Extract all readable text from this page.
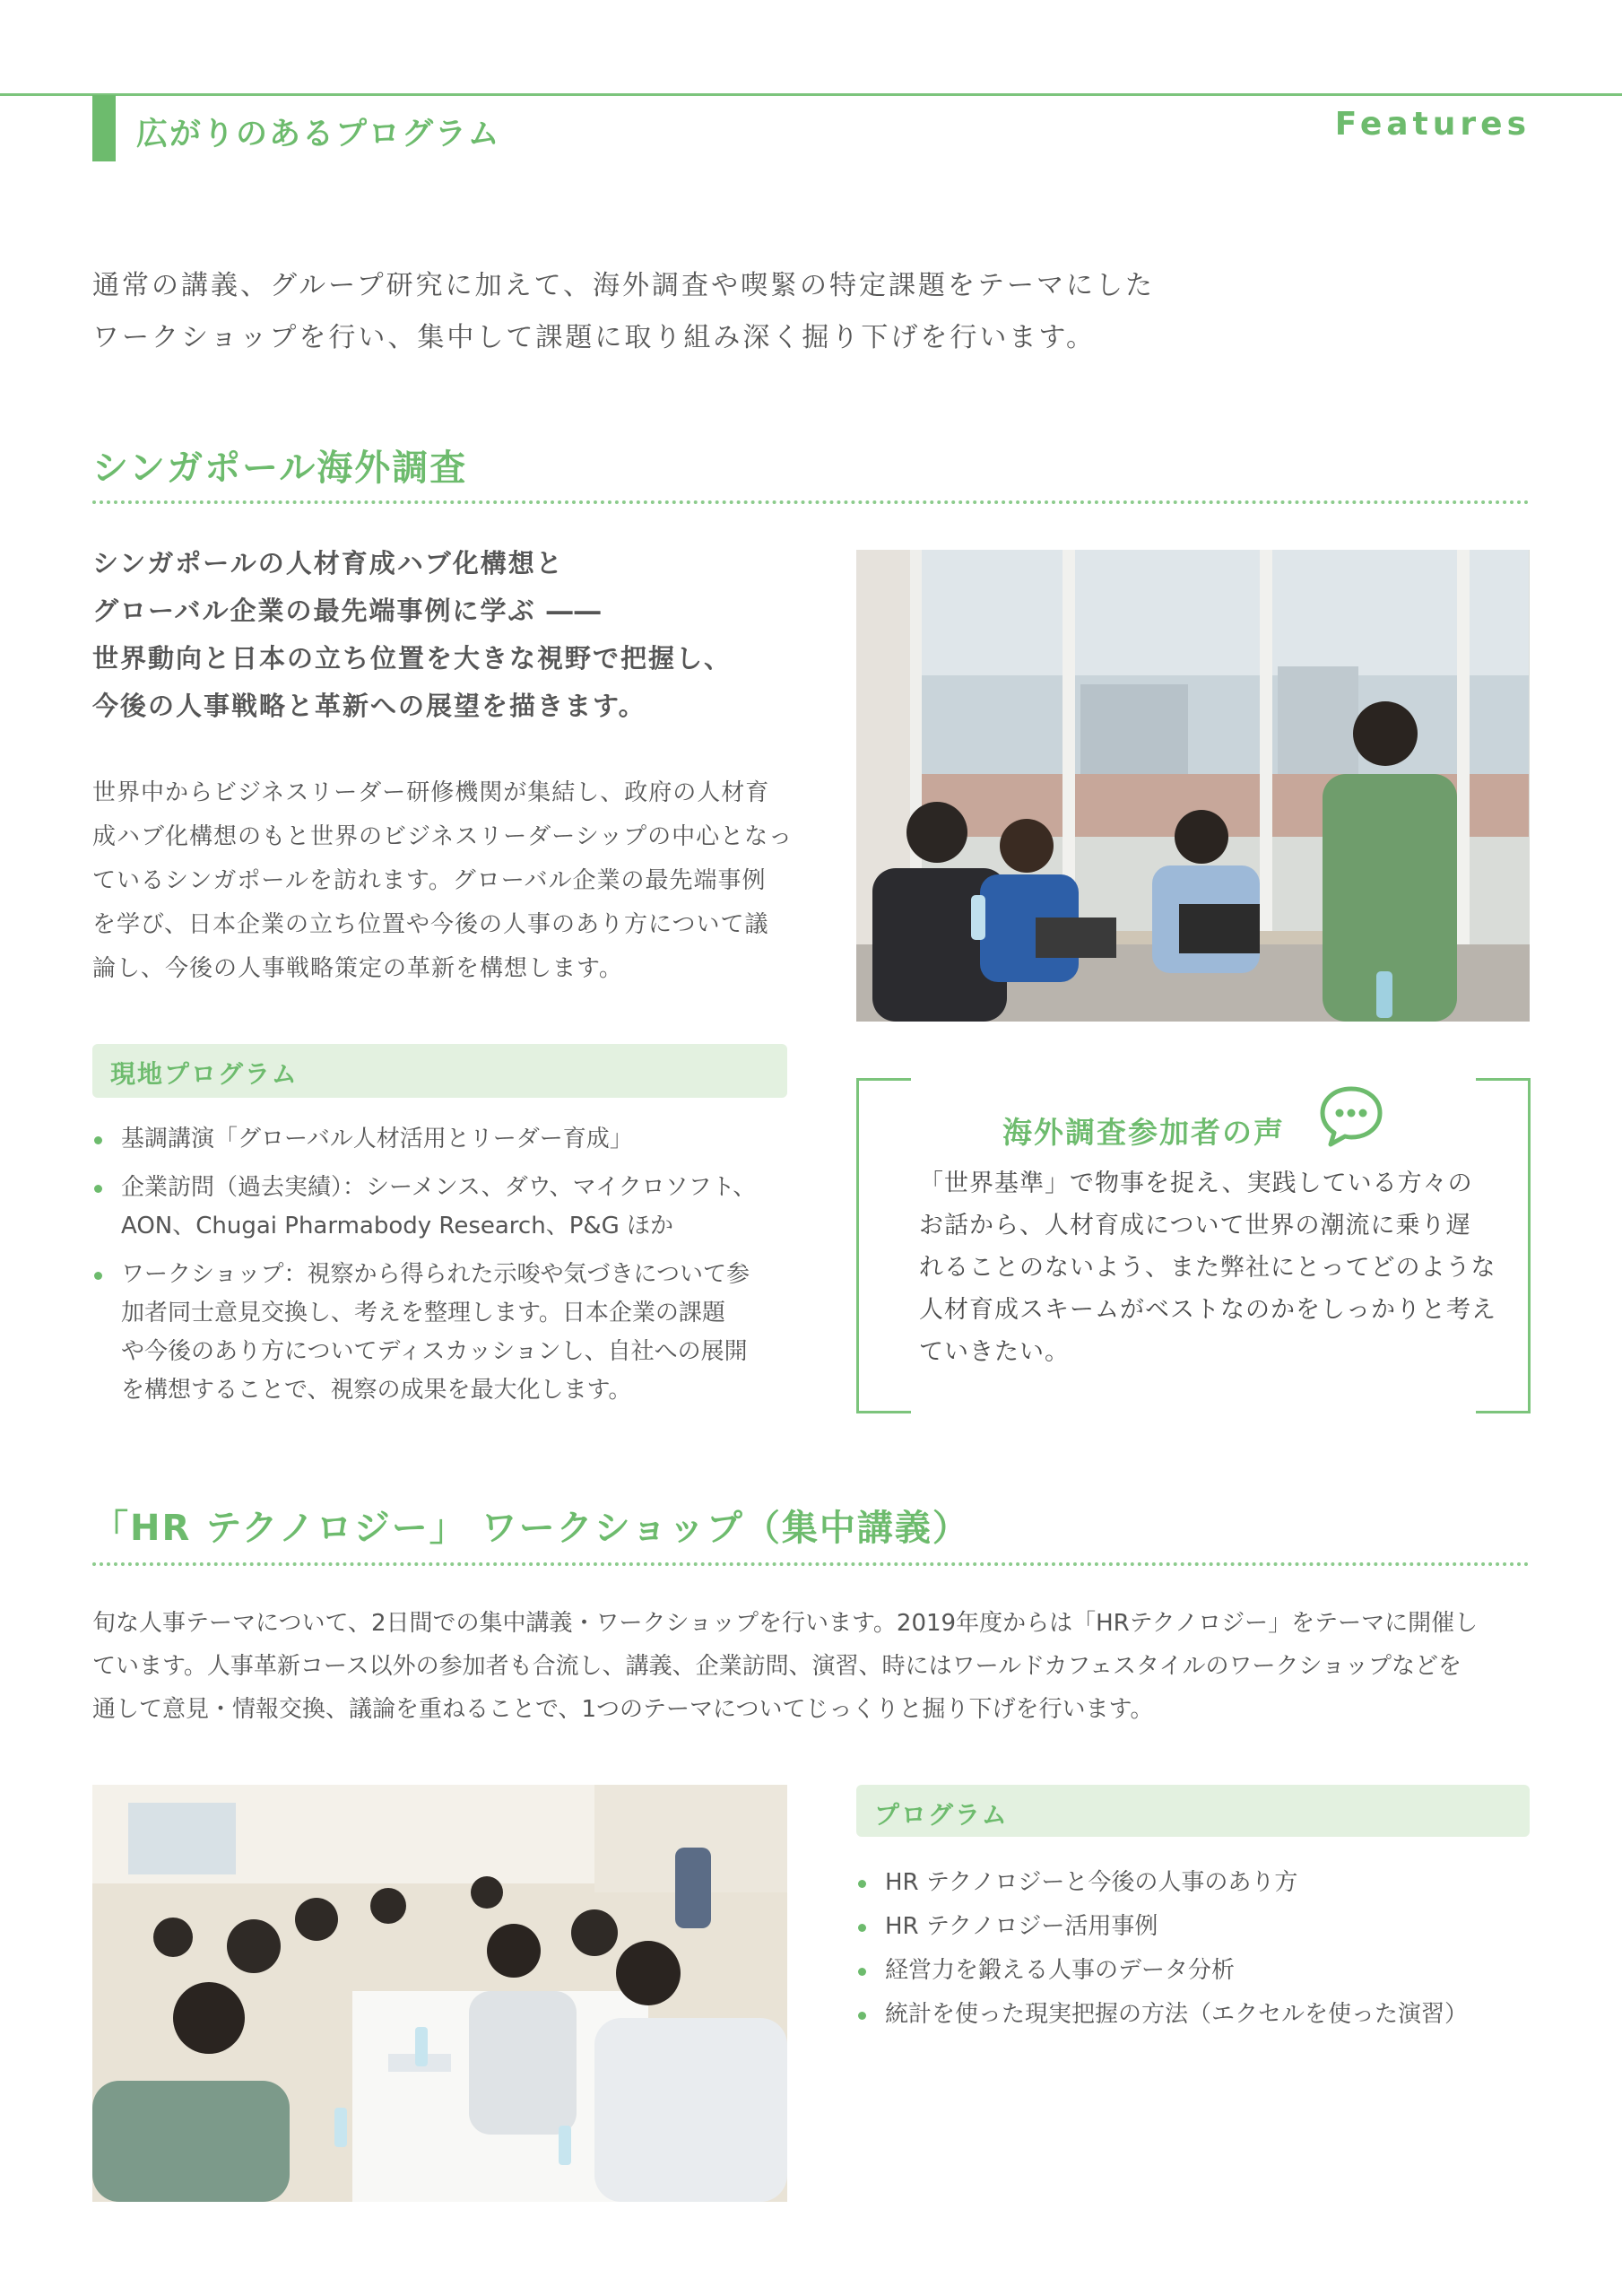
広がりのあるプログラム	Features

通常の講義、グループ研究に加えて、海外調査や喫緊の特定課題をテーマにした

ワークショップを行い、集中して課題に取り組み深く掘り下げを行います。

シンガポール海外調査

シンガポールの人材育成ハブ化構想と

グローバル企業の最先端事例に学ぶ ――

世界動向と日本の立ち位置を大きな視野で把握し、

今後の人事戦略と革新への展望を描きます。

世界中からビジネスリーダー研修機関が集結し、政府の人材育

成ハブ化構想のもと世界のビジネスリーダーシップの中心となっ

ているシンガポールを訪れます。グローバル企業の最先端事例

を学び、日本企業の立ち位置や今後の人事のあり方について議

論し、今後の人事戦略策定の革新を構想します。

現地プログラム
基調講演「グローバル人材活用とリーダー育成」
企業訪問（過去実績）：シーメンス、ダウ、マイクロソフト、
AON、Chugai Pharmabody Research、P&G ほか
ワークショップ：視察から得られた示唆や気づきについて参
加者同士意見交換し、考えを整理します。日本企業の課題
や今後のあり方についてディスカッションし、自社への展開
を構想することで、視察の成果を最大化します。
海外調査参加者の声

「世界基準」で物事を捉え、実践している方々の

お話から、人材育成について世界の潮流に乗り遅

れることのないよう、また弊社にとってどのような

人材育成スキームがベストなのかをしっかりと考え

ていきたい。

「HR テクノロジー」 ワークショップ（集中講義）

旬な人事テーマについて、2日間での集中講義・ワークショップを行います。2019年度からは「HRテクノロジー」をテーマに開催し

ています。人事革新コース以外の参加者も合流し、講義、企業訪問、演習、時にはワールドカフェスタイルのワークショップなどを

通して意見・情報交換、議論を重ねることで、1つのテーマについてじっくりと掘り下げを行います。

プログラム
HR テクノロジーと今後の人事のあり方
HR テクノロジー活用事例
経営力を鍛える人事のデータ分析
統計を使った現実把握の方法（エクセルを使った演習）
